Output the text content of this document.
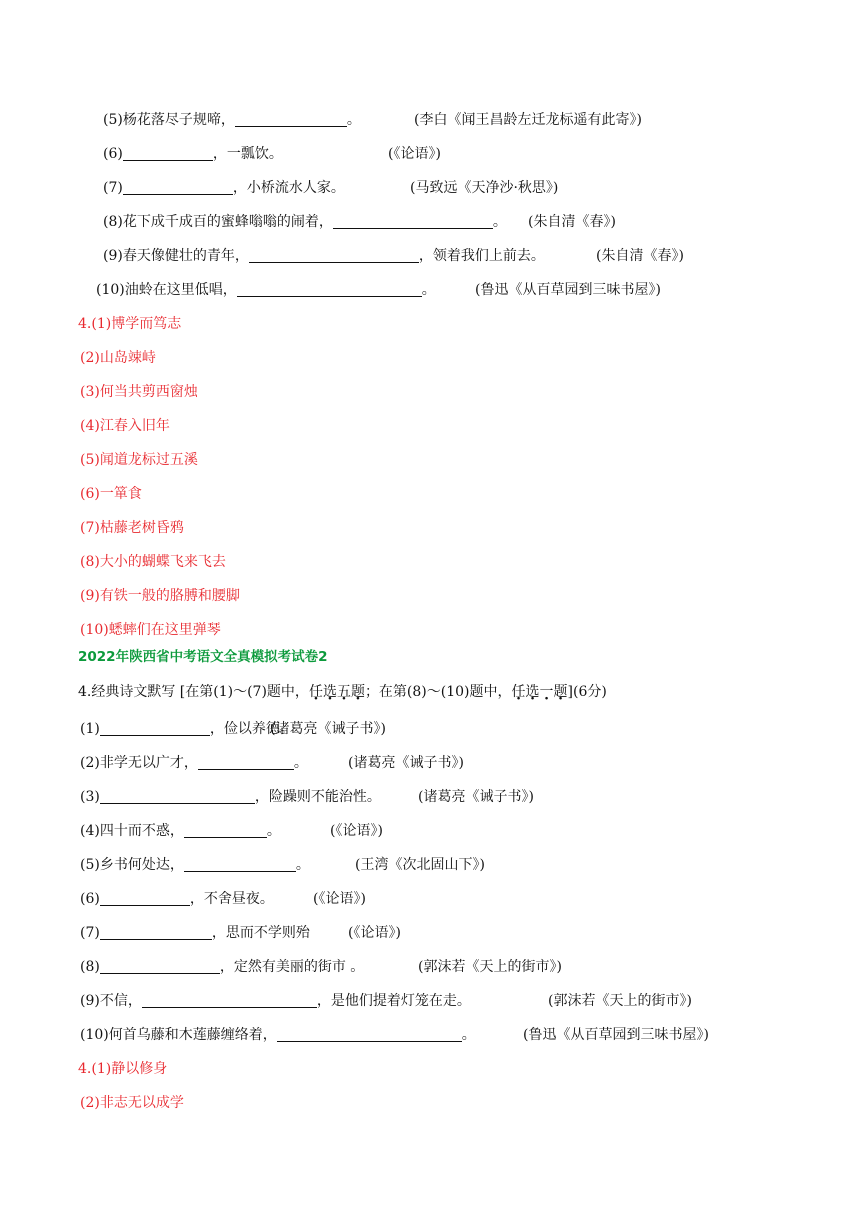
(5)杨花落尽子规啼，	。	(李白《闻王昌龄左迁龙标遥有此寄》)
(6)	，一瓢饮。	(《论语》)
(7)	，小桥流水人家。	(马致远《天净沙·秋思》)
(8)花下成千成百的蜜蜂嗡嗡的闹着，	。 (朱自清《春》)
(9)春天像健壮的青年，	，领着我们上前去。	(朱自清《春》)
(10)油蛉在这里低唱，	。	(鲁迅《从百草园到三味书屋》)
4.(1)博学而笃志
(2)山岛竦峙
(3)何当共剪西窗烛
(4)江春入旧年
(5)闻道龙标过五溪
(6)一箪食
(7)枯藤老树昏鸦
(8)大小的蝴蝶飞来飞去
(9)有铁一般的胳膊和腰脚
(10)蟋蟀们在这里弹琴
2022年陕西省中考语文全真模拟考试卷2
4.经典诗文默写 [在第(1)～(7)题中，任选五题；在第(8)～(10)题中，任选一题](6分)
(1)	，俭以养德。
(诸葛亮《诫子书》)
(2)非学无以广才，	。	(诸葛亮《诫子书》)
(3)	，险躁则不能治性。	(诸葛亮《诫子书》)
(4)四十而不惑，	。	(《论语》)
(5)乡书何处达，	。	(王湾《次北固山下》)
(6)	，不舍昼夜。	(《论语》)
(7)	，思而不学则殆	(《论语》)
(8)	，定然有美丽的街市 。	(郭沫若《天上的街市》)
(9)不信，	，是他们提着灯笼在走。	(郭沫若《天上的街市》)
(10)何首乌藤和木莲藤缠络着，	。	(鲁迅《从百草园到三味书屋》)
4.(1)静以修身
(2)非志无以成学
